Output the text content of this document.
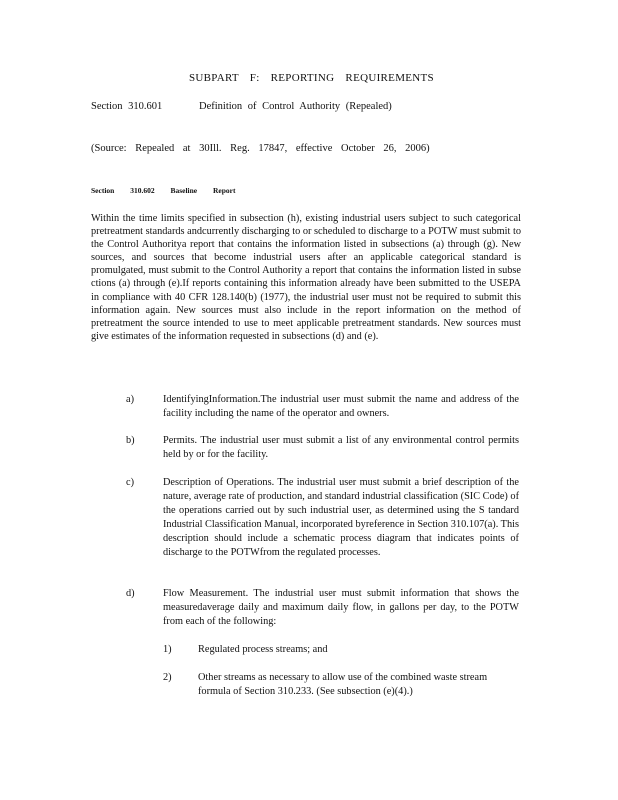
SUBPART F: REPORTING REQUIREMENTS
Section 310.601	Definition of Control Authority (Repealed)
(Source: Repealed at 30Ill. Reg. 17847, effective October 26, 2006)
Section 310.602 Baseline Report
Within the time limits specified in subsection (h), existing industrial users subject to such categorical pretreatment standards andcurrently discharging to or scheduled to discharge to a POTW must submit to the Control Authoritya report that contains the information listed in subsections (a) through (g). New sources, and sources that become industrial users after an applicable categorical standard is promulgated, must submit to the Control Authority a report that contains the information listed in subse ctions (a) through (e).If reports containing this information already have been submitted to the USEPA in compliance with 40 CFR 128.140(b) (1977), the industrial user must not be required to submit this information again. New sources must also include in the report information on the method of pretreatment the source intended to use to meet applicable pretreatment standards. New sources must give estimates of the information requested in subsections (d) and (e).
a)	IdentifyingInformation.The industrial user must submit the name and address of the facility including the name of the operator and owners.
b)	Permits. The industrial user must submit a list of any environmental control permits held by or for the facility.
c)	Description of Operations. The industrial user must submit a brief description of the nature, average rate of production, and standard industrial classification (SIC Code) of the operations carried out by such industrial user, as determined using the S tandard Industrial Classification Manual, incorporated byreference in Section 310.107(a). This description should include a schematic process diagram that indicates points of discharge to the POTWfrom the regulated processes.
d)	Flow Measurement. The industrial user must submit information that shows the measuredaverage daily and maximum daily flow, in gallons per day, to the POTW from each of the following:
1)	Regulated process streams; and
2)	Other streams as necessary to allow use of the combined waste stream formula of Section 310.233. (See subsection (e)(4).)
